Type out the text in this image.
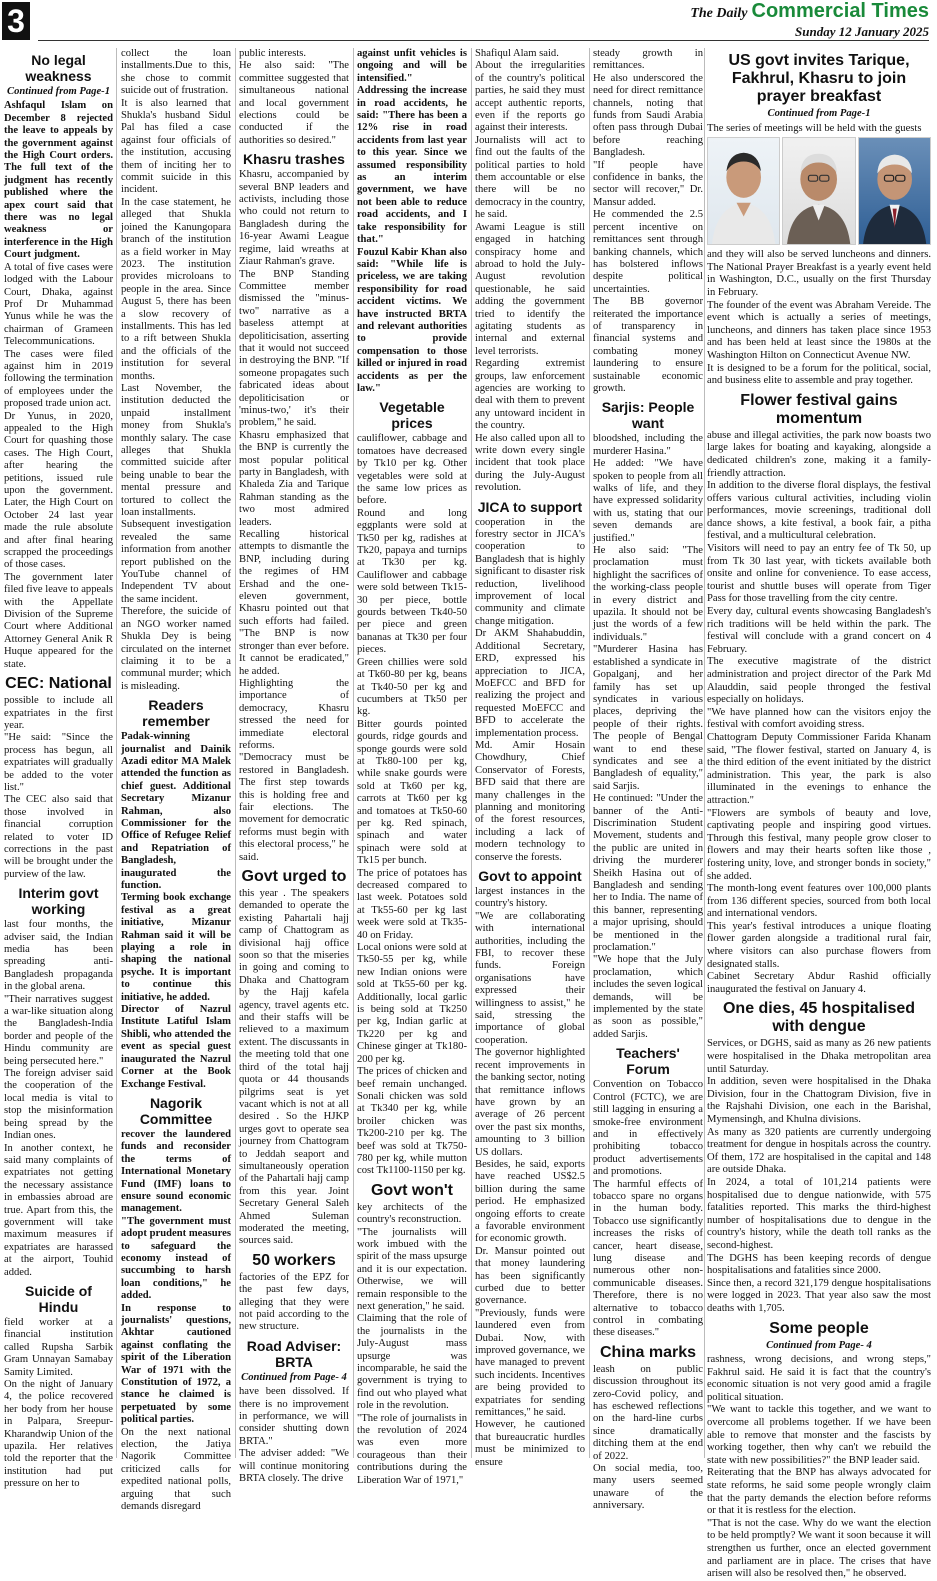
3	The Daily Commercial Times
Sunday 12 January 2025
No legal weakness

Continued from Page-1

Ashfaqul Islam on December 8 rejected the leave to appeals by the government against the High Court orders. The full text of the judgment has recently published where the apex court said that there was no legal weakness or interference in the High Court judgment.

A total of five cases were lodged with the Labour Court, Dhaka, against Prof Dr Muhammad Yunus while he was the chairman of Grameen Telecommunications. The cases were filed against him in 2019 following the termination of employees under the proposed trade union act.

Dr Yunus, in 2020, appealed to the High Court for quashing those cases. The High Court, after hearing the petitions, issued rule upon the government. Later, the High Court on October 24 last year made the rule absolute and after final hearing scrapped the proceedings of those cases.

The government later filed five leave to appeals with the Appellate Division of the Supreme Court where Additional Attorney General Anik R Huque appeared for the state.

CEC: National

possible to include all expatriates in the first year.

"He said: "Since the process has begun, all expatriates will gradually be added to the voter list."

The CEC also said that those involved in financial corruption related to voter ID corrections in the past will be brought under the purview of the law.

Interim govt working

last four months, the adviser said, the Indian media has been spreading anti-Bangladesh propaganda in the global arena.

"Their narratives suggest a war-like situation along the Bangladesh-India border and people of the Hindu community are being persecuted here."

The foreign adviser said the cooperation of the local media is vital to stop the misinformation being spread by the Indian ones.

In another context, he said many complaints of expatriates not getting the necessary assistance in embassies abroad are true. Apart from this, the government will take maximum measures if expatriates are harassed at the airport, Touhid added.

Suicide of Hindu

field worker at a financial institution called Rupsha Sarbik Gram Unnayan Samabay Samity Limited.

On the night of January 4, the police recovered her body from her house in Palpara, Sreepur-Kharandwip Union of the upazila. Her relatives told the reporter that the institution had put pressure on her to

collect the loan installments.Due to this, she chose to commit suicide out of frustration.

It is also learned that Shukla's husband Sidul Pal has filed a case against four officials of the institution, accusing them of inciting her to commit suicide in this incident.

In the case statement, he alleged that Shukla joined the Kanungopara branch of the institution as a field worker in May 2023. The institution provides microloans to people in the area. Since August 5, there has been a slow recovery of installments. This has led to a rift between Shukla and the officials of the institution for several months.

Last November, the institution deducted the unpaid installment money from Shukla's monthly salary. The case alleges that Shukla committed suicide after being unable to bear the mental pressure and tortured to collect the loan installments.

Subsequent investigation revealed the same information from another report published on the YouTube channel of Independent TV about the same incident.

Therefore, the suicide of an NGO worker named Shukla Dey is being circulated on the internet claiming it to be a communal murder; which is misleading.

Readers remember

Padak-winning journalist and Dainik Azadi editor MA Malek attended the function as chief guest. Additional Secretary Mizanur Rahman, also Commissioner for the Office of Refugee Relief and Repatriation of Bangladesh, inaugurated the function.

Terming book exchange festival as a great initiative, Mizanur Rahman said it will be playing a role in shaping the national psyche. It is important to continue this initiative, he added.

Director of Nazrul Institute Latiful Islam Shibli, who attended the event as special guest inaugurated the Nazrul Corner at the Book Exchange Festival.

Nagorik Committee

recover the laundered funds and reconsider the terms of International Monetary Fund (IMF) loans to ensure sound economic management.

"The government must adopt prudent measures to safeguard the economy instead of succumbing to harsh loan conditions," he added.

In response to journalists' questions, Akhtar cautioned against conflating the spirit of the Liberation War of 1971 with the Constitution of 1972, a stance he claimed is perpetuated by some political parties.

On the next national election, the Jatiya Nagorik Committee criticized calls for expedited national polls, arguing that such demands disregard

public interests.

He also said: "The committee suggested that simultaneous national and local government elections could be conducted if the authorities so desired."

Khasru trashes

Khasru, accompanied by several BNP leaders and activists, including those who could not return to Bangladesh during the 16-year Awami League regime, laid wreaths at Ziaur Rahman's grave.

The BNP Standing Committee member dismissed the "minus-two" narrative as a baseless attempt at depoliticisation, asserting that it would not succeed in destroying the BNP. "If someone propagates such fabricated ideas about depoliticisation or 'minus-two,' it's their problem," he said.

Khasru emphasized that the BNP is currently the most popular political party in Bangladesh, with Khaleda Zia and Tarique Rahman standing as the two most admired leaders.

Recalling historical attempts to dismantle the BNP, including during the regimes of HM Ershad and the one-eleven government, Khasru pointed out that such efforts had failed. "The BNP is now stronger than ever before. It cannot be eradicated," he added.

Highlighting the importance of democracy, Khasru stressed the need for immediate electoral reforms.

"Democracy must be restored in Bangladesh. The first step towards this is holding free and fair elections. The movement for democratic reforms must begin with this electoral process," he said.

Govt urged to

this year . The speakers demanded to operate the existing Pahartali hajj camp of Chattogram as divisional hajj office soon so that the miseries in going and coming to Dhaka and Chattogram by the Hajj kafela agency, travel agents etc. and their staffs will be relieved to a maximum extent. The discussants in the meeting told that one third of the total hajj quota or 44 thousands pilgrims seat is yet vacant which is not at all desired . So the HJKP urges govt to operate sea journey from Chattogram to Jeddah seaport and simultaneously operation of the Pahartali hajj camp from this year. Joint Secretary General Saleh Ahmed Suleman moderated the meeting, sources said.

50 workers

factories of the EPZ for the past few days, alleging that they were not paid according to the new structure.

Road Adviser: BRTA

Continued from Page- 4

have been dissolved. If there is no improvement in performance, we will consider shutting down BRTA."

The adviser added: "We will continue monitoring BRTA closely. The drive

against unfit vehicles is ongoing and will be intensified."

Addressing the increase in road accidents, he said: "There has been a 12% rise in road accidents from last year to this year. Since we assumed responsibility as an interim government, we have not been able to reduce road accidents, and I take responsibility for that."

Fouzul Kabir Khan also said: "While life is priceless, we are taking responsibility for road accident victims. We have instructed BRTA and relevant authorities to provide compensation to those killed or injured in road accidents as per the law."

Vegetable prices

cauliflower, cabbage and tomatoes have decreased by Tk10 per kg. Other vegetables were sold at the same low prices as before.

Round and long eggplants were sold at Tk50 per kg, radishes at Tk20, papaya and turnips at Tk30 per kg. Cauliflower and cabbage were sold between Tk15-30 per piece, bottle gourds between Tk40-50 per piece and green bananas at Tk30 per four pieces.

Green chillies were sold at Tk60-80 per kg, beans at Tk40-50 per kg and cucumbers at Tk50 per kg.

Bitter gourds pointed gourds, ridge gourds and sponge gourds were sold at Tk80-100 per kg, while snake gourds were sold at Tk60 per kg, carrots at Tk60 per kg and tomatoes at Tk50-60 per kg. Red spinach, spinach and water spinach were sold at Tk15 per bunch.

The price of potatoes has decreased compared to last week. Potatoes sold at Tk55-60 per kg last week were sold at Tk35-40 on Friday.

Local onions were sold at Tk50-55 per kg, while new Indian onions were sold at Tk55-60 per kg. Additionally, local garlic is being sold at Tk250 per kg, Indian garlic at Tk220 per kg and Chinese ginger at Tk180-200 per kg.

The prices of chicken and beef remain unchanged. Sonali chicken was sold at Tk340 per kg, while broiler chicken was Tk200-210 per kg. The beef was sold at Tk750-780 per kg, while mutton cost Tk1100-1150 per kg.

Govt won't

key architects of the country's reconstruction.

"The journalists will work imbued with the spirit of the mass upsurge and it is our expectation. Otherwise, we will remain responsible to the next generation," he said.

Claiming that the role of the journalists in the July-August mass upsurge was incomparable, he said the government is trying to find out who played what role in the revolution.

"The role of journalists in the revolution of 2024 was even more courageous than their contributions during the Liberation War of 1971,"

Shafiqul Alam said.

About the irregularities of the country's political parties, he said they must accept authentic reports, even if the reports go against their interests.

Journalists will act to find out the faults of the political parties to hold them accountable or else there will be no democracy in the country, he said.

Awami League is still engaged in hatching conspiracy home and abroad to hold the July-August revolution questionable, he said adding the government tried to identify the agitating students as internal and external level terrorists.

Regarding extremist groups, law enforcement agencies are working to deal with them to prevent any untoward incident in the country.

He also called upon all to write down every single incident that took place during the July-August revolution.

JICA to support

cooperation in the forestry sector in JICA's cooperation to Bangladesh that is highly significant to disaster risk reduction, livelihood improvement of local community and climate change mitigation.

Dr AKM Shahabuddin, Additional Secretary, ERD, expressed his appreciation to JICA, MoEFCC and BFD for realizing the project and requested MoEFCC and BFD to accelerate the implementation process.

Md. Amir Hosain Chowdhury, Chief Conservator of Forests, BFD said that there are many challenges in the planning and monitoring of the forest resources, including a lack of modern technology to conserve the forests.

Govt to appoint

largest instances in the country's history.

"We are collaborating with international authorities, including the FBI, to recover these funds. Foreign organisations have expressed their willingness to assist," he said, stressing the importance of global cooperation.

The governor highlighted recent improvements in the banking sector, noting that remittance inflows have grown by an average of 26 percent over the past six months, amounting to 3 billion US dollars.

Besides, he said, exports have reached US$2.5 billion during the same period. He emphasized ongoing efforts to create a favorable environment for economic growth.

Dr. Mansur pointed out that money laundering has been significantly curbed due to better governance.

"Previously, funds were laundered even from Dubai. Now, with improved governance, we have managed to prevent such incidents. Incentives are being provided to expatriates for sending remittances," he said.

However, he cautioned that bureaucratic hurdles must be minimized to ensure

steady growth in remittances.

He also underscored the need for direct remittance channels, noting that funds from Saudi Arabia often pass through Dubai before reaching Bangladesh.

"If people have confidence in banks, the sector will recover," Dr. Mansur added.

He commended the 2.5 percent incentive on remittances sent through banking channels, which has bolstered inflows despite political uncertainties.

The BB governor reiterated the importance of transparency in financial systems and combating money laundering to ensure sustainable economic growth.

Sarjis: People want

bloodshed, including the murderer Hasina."

He added: "We have spoken to people from all walks of life, and they have expressed solidarity with us, stating that our seven demands are justified."

He also said: "The proclamation must highlight the sacrifices of the working-class people in every district and upazila. It should not be just the words of a few individuals."

"Murderer Hasina has established a syndicate in Gopalganj, and her family has set up syndicates in various places, depriving the people of their rights. The people of Bengal want to end these syndicates and see a Bangladesh of equality," said Sarjis.

He continued: "Under the banner of the Anti-Discrimination Student Movement, students and the public are united in driving the murderer Sheikh Hasina out of Bangladesh and sending her to India. The name of this banner, representing a major uprising, should be mentioned in the proclamation."

"We hope that the July proclamation, which includes the seven logical demands, will be implemented by the state as soon as possible," added Sarjis.

Teachers' Forum

Convention on Tobacco Control (FCTC), we are still lagging in ensuring a smoke-free environment and in effectively prohibiting tobacco product advertisements and promotions.

The harmful effects of tobacco spare no organs in the human body. Tobacco use significantly increases the risks of cancer, heart disease, lung disease and numerous other non-communicable diseases. Therefore, there is no alternative to tobacco control in combating these diseases."

China marks

leash on public discussion throughout its zero-Covid policy, and has eschewed reflections on the hard-line curbs since dramatically ditching them at the end of 2022.

On social media, too, many users seemed unaware of the anniversary.

US govt invites Tarique, Fakhrul, Khasru to join prayer breakfast

Continued from Page-1

The series of meetings will be held with the guests

and they will also be served luncheons and dinners. The National Prayer Breakfast is a yearly event held in Washington, D.C., usually on the first Thursday in February.

The founder of the event was Abraham Vereide. The event which is actually a series of meetings, luncheons, and dinners has taken place since 1953 and has been held at least since the 1980s at the Washington Hilton on Connecticut Avenue NW.

It is designed to be a forum for the political, social, and business elite to assemble and pray together.

Flower festival gains momentum

abuse and illegal activities, the park now boasts two large lakes for boating and kayaking, alongside a dedicated children's zone, making it a family-friendly attraction.

In addition to the diverse floral displays, the festival offers various cultural activities, including violin performances, movie screenings, traditional doll dance shows, a kite festival, a book fair, a pitha festival, and a multicultural celebration.

Visitors will need to pay an entry fee of Tk 50, up from Tk 30 last year, with tickets available both onsite and online for convenience. To ease access, tourist and shuttle buses will operate from Tiger Pass for those travelling from the city centre.

Every day, cultural events showcasing Bangladesh's rich traditions will be held within the park. The festival will conclude with a grand concert on 4 February.

The executive magistrate of the district administration and project director of the Park Md Alauddin, said people thronged the festival especially on holidays.

"We have planned how can the visitors enjoy the festival with comfort avoiding stress.

Chattogram Deputy Commissioner Farida Khanam said, "The flower festival, started on January 4, is the third edition of the event initiated by the district administration. This year, the park is also illuminated in the evenings to enhance the attraction."

"Flowers are symbols of beauty and love, captivating people and inspiring good virtues. Through this festival, many people grow closer to flowers and may their hearts soften like those , fostering unity, love, and stronger bonds in society," she added.

The month-long event features over 100,000 plants from 136 different species, sourced from both local and international vendors.

This year's festival introduces a unique floating flower garden alongside a traditional rural fair, where visitors can also purchase flowers from designated stalls.

Cabinet Secretary Abdur Rashid officially inaugurated the festival on January 4.

One dies, 45 hospitalised with dengue

Services, or DGHS, said as many as 26 new patients were hospitalised in the Dhaka metropolitan area until Saturday.

In addition, seven were hospitalised in the Dhaka Division, four in the Chattogram Division, five in the Rajshahi Division, one each in the Barishal, Mymensingh, and Khulna divisions.

As many as 320 patients are currently undergoing treatment for dengue in hospitals across the country. Of them, 172 are hospitalised in the capital and 148 are outside Dhaka.

In 2024, a total of 101,214 patients were hospitalised due to dengue nationwide, with 575 fatalities reported. This marks the third-highest number of hospitalisations due to dengue in the country's history, while the death toll ranks as the second-highest.

The DGHS has been keeping records of dengue hospitalisations and fatalities since 2000.

Since then, a record 321,179 dengue hospitalisations were logged in 2023. That year also saw the most deaths with 1,705.

Some people

Continued from Page- 4

rashness, wrong decisions, and wrong steps," Fakhrul said. He said it is fact that the country's economic situation is not very good amid a fragile political situation.

"We want to tackle this together, and we want to overcome all problems together. If we have been able to remove that monster and the fascists by working together, then why can't we rebuild the state with new possibilities?" the BNP leader said.

Reiterating that the BNP has always advocated for state reforms, he said some people wrongly claim that the party demands the election before reforms or that it is restless for the election.

"That is not the case. Why do we want the election to be held promptly? We want it soon because it will strengthen us further, once an elected government and parliament are in place. The crises that have arisen will also be resolved then," he observed.
